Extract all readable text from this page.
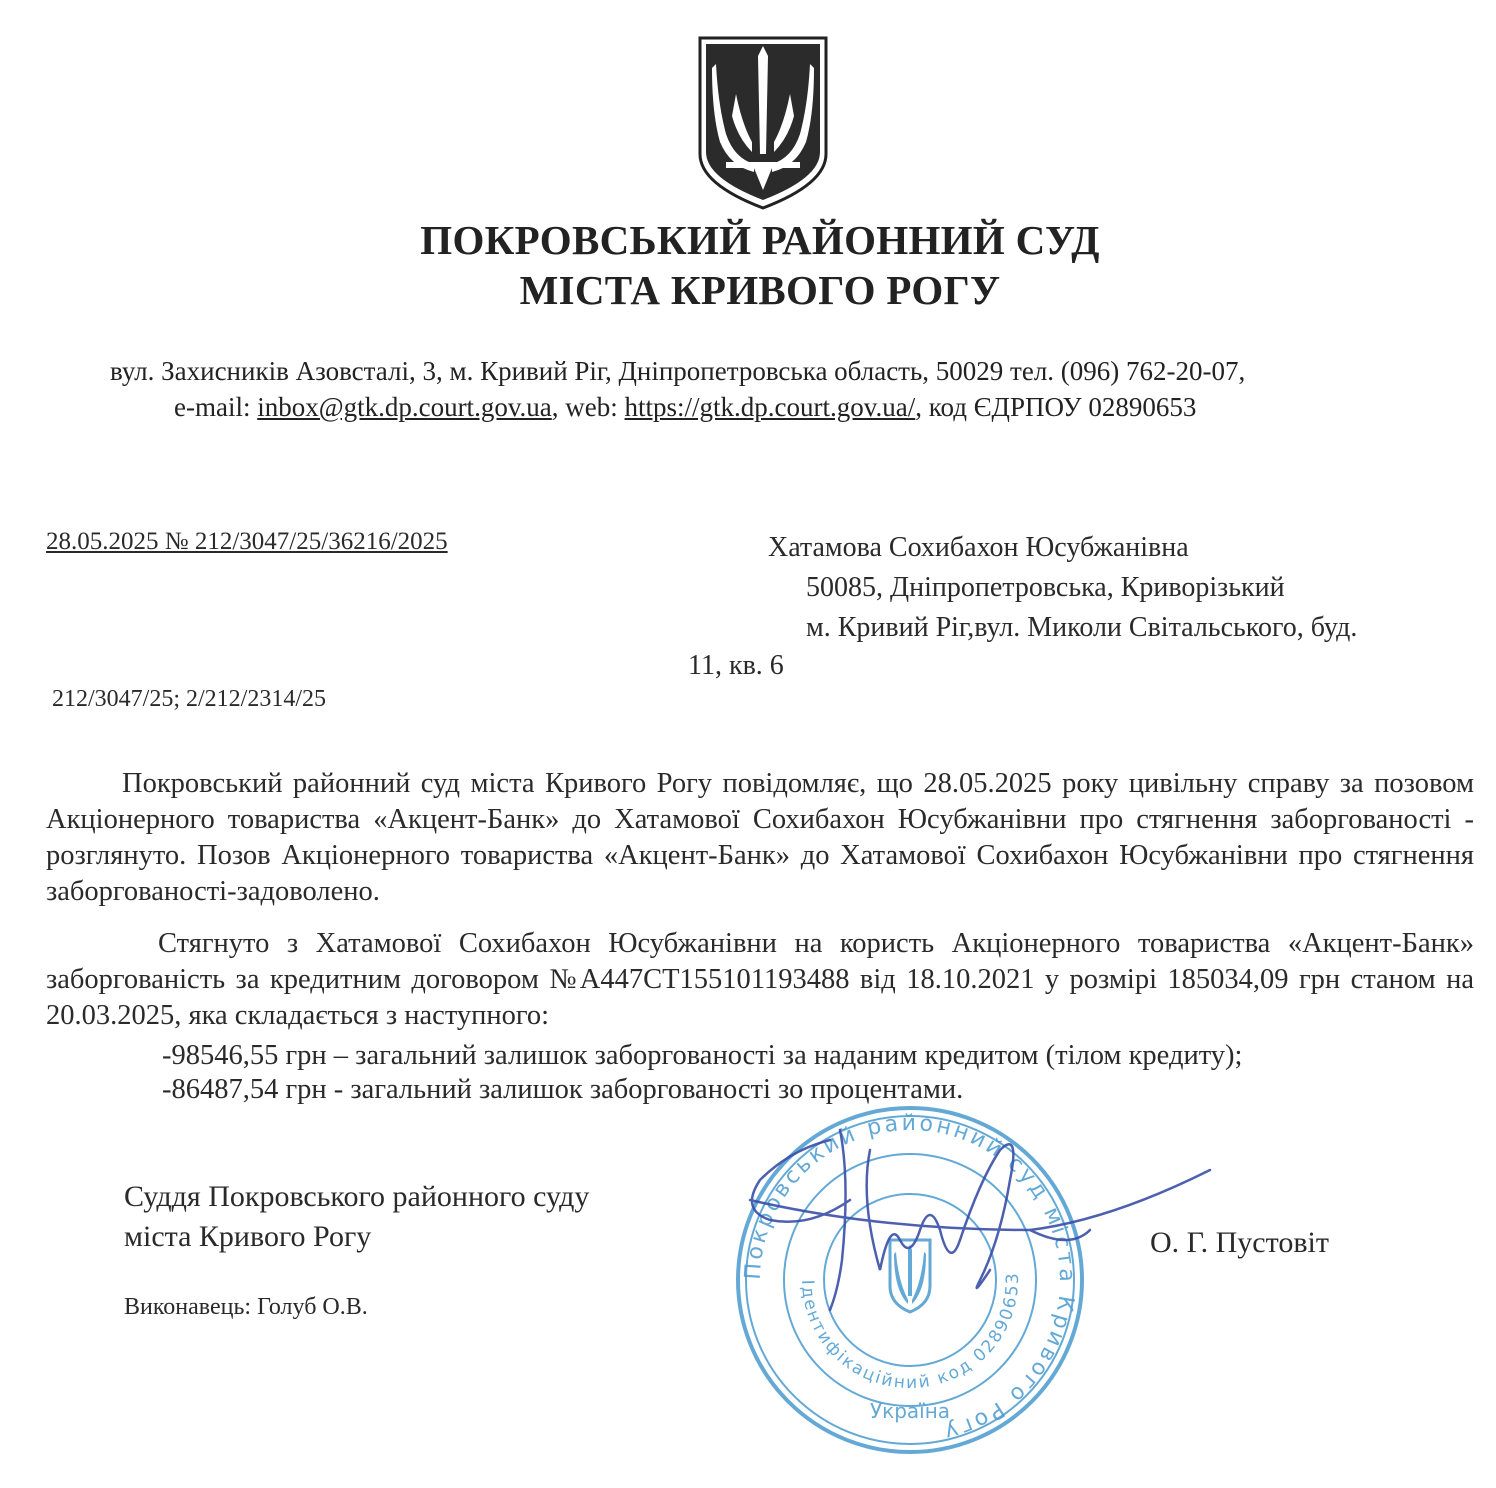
ПОКРОВСЬКИЙ РАЙОННИЙ СУД
МІСТА КРИВОГО РОГУ
вул. Захисників Азовсталі, 3, м. Кривий Ріг, Дніпропетровська область, 50029 тел. (096) 762-20-07,
e-mail: inbox@gtk.dp.court.gov.ua, web: https://gtk.dp.court.gov.ua/, код ЄДРПОУ 02890653
28.05.2025 № 212/3047/25/36216/2025	Хатамова Сохибахон Юсубжанівна
50085, Дніпропетровська, Криворізький
м. Кривий Ріг,вул. Миколи Світальського, буд.
11, кв. 6
212/3047/25; 2/212/2314/25
Покровський районний суд міста Кривого Рогу повідомляє, що 28.05.2025 року цивільну справу за позовом Акціонерного товариства «Акцент-Банк» до Хатамової Сохибахон Юсубжанівни про стягнення заборгованості - розглянуто. Позов Акціонерного товариства «Акцент-Банк» до Хатамової Сохибахон Юсубжанівни про стягнення заборгованості-задоволено.
Стягнуто з Хатамової Сохибахон Юсубжанівни на користь Акціонерного товариства «Акцент-Банк» заборгованість за кредитним договором №A447CT155101193488 від 18.10.2021 у розмірі 185034,09 грн станом на 20.03.2025, яка складається з наступного:
-98546,55 грн – загальний залишок заборгованості за наданим кредитом (тілом кредиту);
-86487,54 грн - загальний залишок заборгованості зо процентами.
Суддя Покровського районного суду
міста Кривого Рогу	О. Г. Пустовіт
Виконавець: Голуб О.В.
Покровський районний суд міста Кривого Рогу
Ідентифікаційний код 02890653
Україна
